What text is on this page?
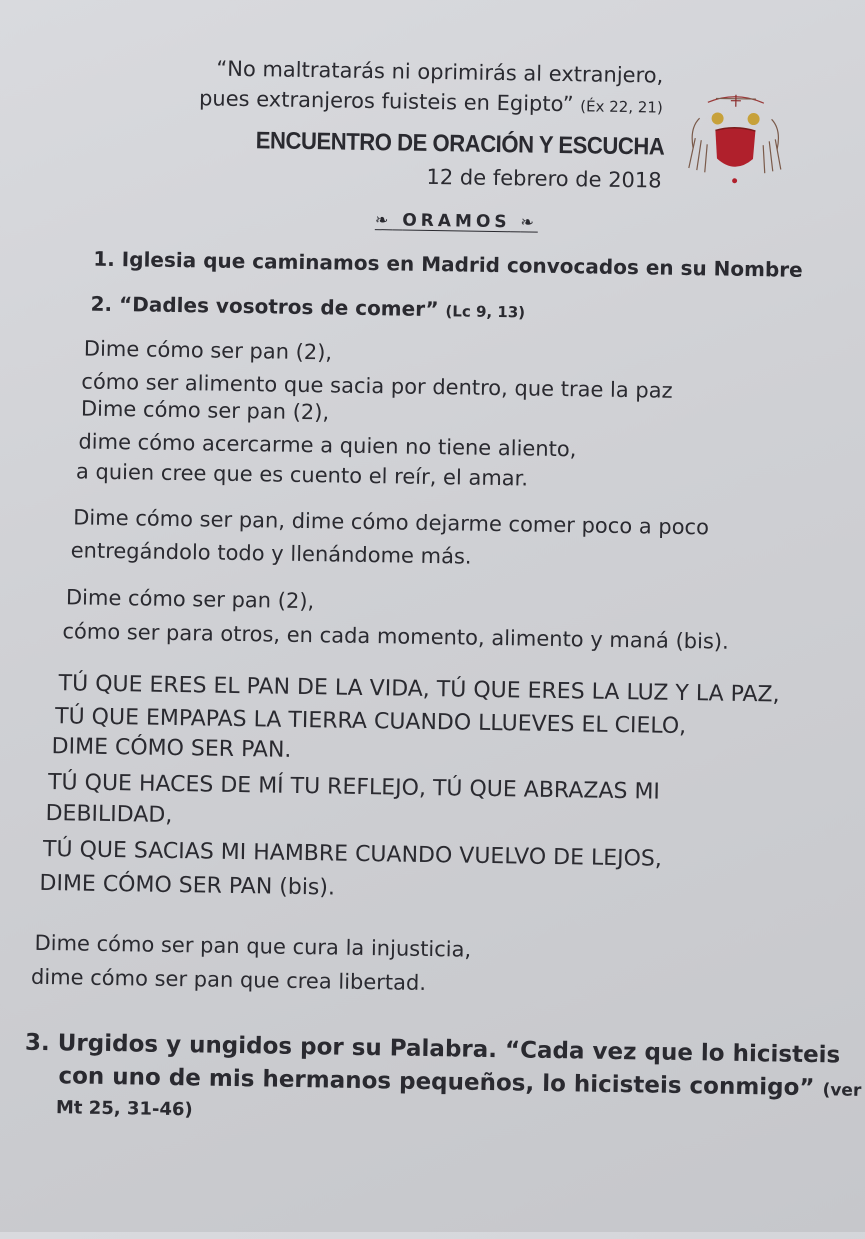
“No maltratarás ni oprimirás al extranjero,
pues extranjeros fuisteis en Egipto” (Éx 22, 21)
ENCUENTRO DE ORACIÓN Y ESCUCHA
12 de febrero de 2018
❧ ORAMOS ❧
1. Iglesia que caminamos en Madrid convocados en su Nombre
2. “Dadles vosotros de comer” (Lc 9, 13)
Dime cómo ser pan (2),
cómo ser alimento que sacia por dentro, que trae la paz
Dime cómo ser pan (2),
dime cómo acercarme a quien no tiene aliento,
a quien cree que es cuento el reír, el amar.
Dime cómo ser pan, dime cómo dejarme comer poco a poco
entregándolo todo y llenándome más.
Dime cómo ser pan (2),
cómo ser para otros, en cada momento, alimento y maná (bis).
TÚ QUE ERES EL PAN DE LA VIDA, TÚ QUE ERES LA LUZ Y LA PAZ,
TÚ QUE EMPAPAS LA TIERRA CUANDO LLUEVES EL CIELO,
DIME CÓMO SER PAN.
TÚ QUE HACES DE MÍ TU REFLEJO, TÚ QUE ABRAZAS MI
DEBILIDAD,
TÚ QUE SACIAS MI HAMBRE CUANDO VUELVO DE LEJOS,
DIME CÓMO SER PAN (bis).
Dime cómo ser pan que cura la injusticia,
dime cómo ser pan que crea libertad.
3. Urgidos y ungidos por su Palabra. “Cada vez que lo hicisteis
con uno de mis hermanos pequeños, lo hicisteis conmigo” (ver
Mt 25, 31-46)
